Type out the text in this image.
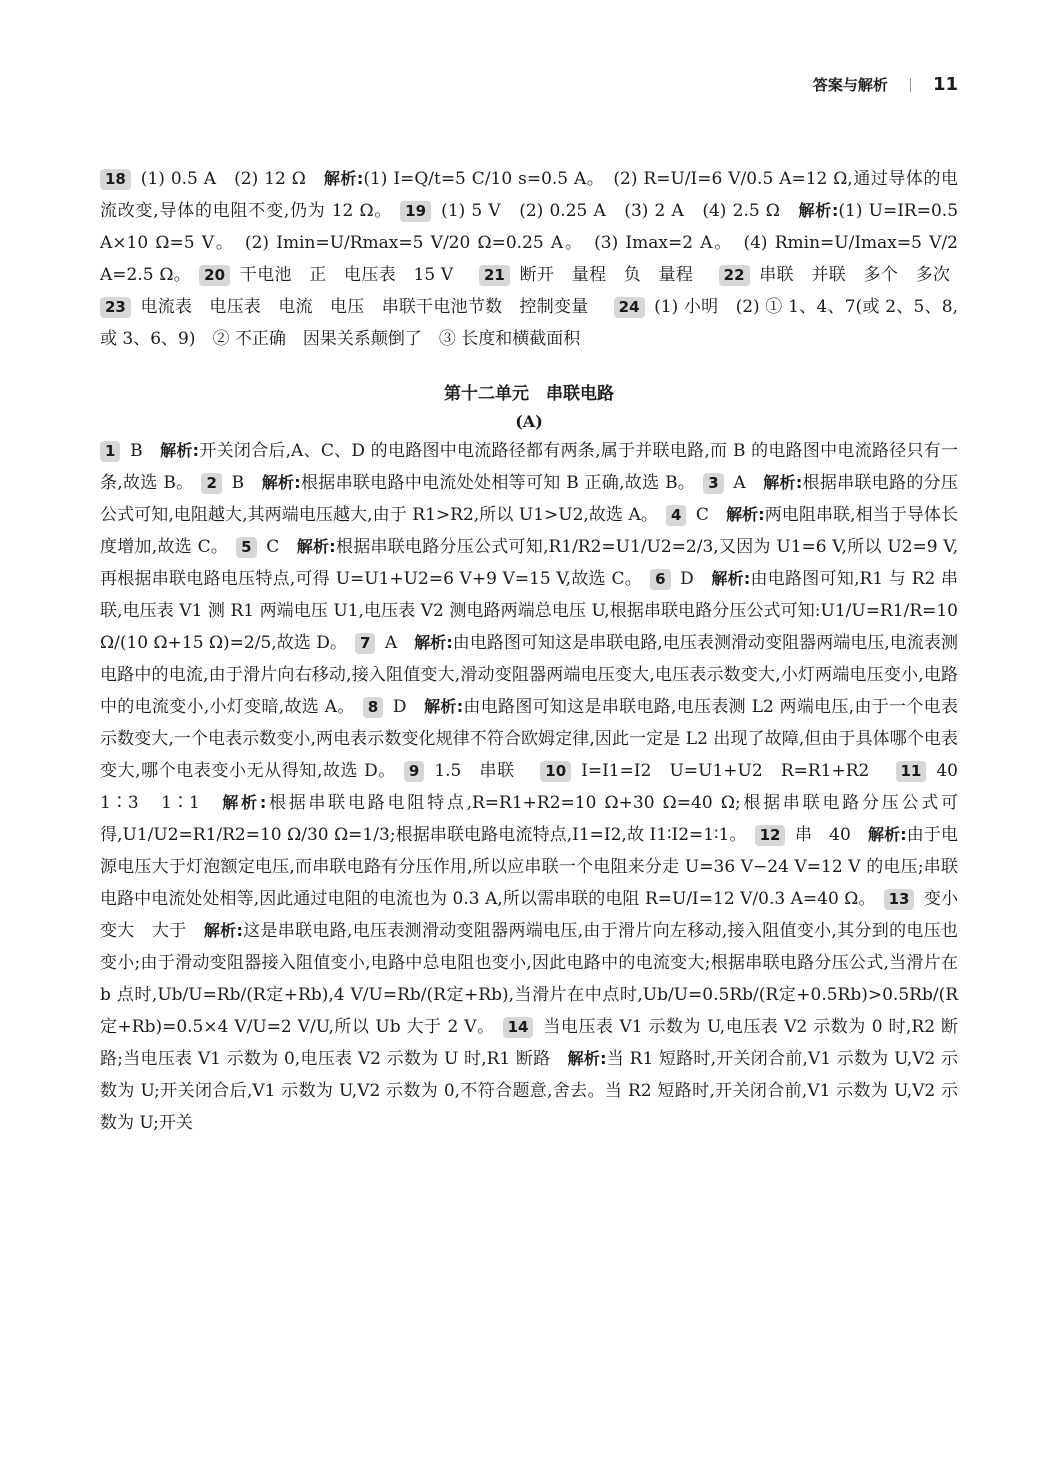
答案与解析	11

18 (1) 0.5 A　(2) 12 Ω　解析:(1) I=Q/t=5 C/10 s=0.5 A。　(2) R=U/I=6 V/0.5 A=12 Ω,通过导体的电流改变,导体的电阻不变,仍为 12 Ω。 19 (1) 5 V　(2) 0.25 A　(3) 2 A　(4) 2.5 Ω　解析:(1) U=IR=0.5 A×10 Ω=5 V。　(2) Imin=U/Rmax=5 V/20 Ω=0.25 A。　(3) Imax=2 A。　(4) Rmin=U/Imax=5 V/2 A=2.5 Ω。 20 干电池　正　电压表　15 V　21 断开　量程　负　量程　22 串联　并联　多个　多次　23 电流表　电压表　电流　电压　串联干电池节数　控制变量　24 (1) 小明　(2) ① 1、4、7(或 2、5、8,或 3、6、9)　② 不正确　因果关系颠倒了　③ 长度和横截面积　

第十二单元　串联电路
(A)

1 B　解析:开关闭合后,A、C、D 的电路图中电流路径都有两条,属于并联电路,而 B 的电路图中电流路径只有一条,故选 B。 2 B　解析:根据串联电路中电流处处相等可知 B 正确,故选 B。 3 A　解析:根据串联电路的分压公式可知,电阻越大,其两端电压越大,由于 R1>R2,所以 U1>U2,故选 A。 4 C　解析:两电阻串联,相当于导体长度增加,故选 C。 5 C　解析:根据串联电路分压公式可知,R1/R2=U1/U2=2/3,又因为 U1=6 V,所以 U2=9 V,再根据串联电路电压特点,可得 U=U1+U2=6 V+9 V=15 V,故选 C。 6 D　解析:由电路图可知,R1 与 R2 串联,电压表 V1 测 R1 两端电压 U1,电压表 V2 测电路两端总电压 U,根据串联电路分压公式可知:U1/U=R1/R=10 Ω/(10 Ω+15 Ω)=2/5,故选 D。 7 A　解析:由电路图可知这是串联电路,电压表测滑动变阻器两端电压,电流表测电路中的电流,由于滑片向右移动,接入阻值变大,滑动变阻器两端电压变大,电压表示数变大,小灯两端电压变小,电路中的电流变小,小灯变暗,故选 A。 8 D　解析:由电路图可知这是串联电路,电压表测 L2 两端电压,由于一个电表示数变大,一个电表示数变小,两电表示数变化规律不符合欧姆定律,因此一定是 L2 出现了故障,但由于具体哪个电表变大,哪个电表变小无从得知,故选 D。 9 1.5　串联　10 I=I1=I2　U=U1+U2　R=R1+R2　11 40　1∶3　1∶1　解析:根据串联电路电阻特点,R=R1+R2=10 Ω+30 Ω=40 Ω;根据串联电路分压公式可得,U1/U2=R1/R2=10 Ω/30 Ω=1/3;根据串联电路电流特点,I1=I2,故 I1∶I2=1∶1。 12 串　40　解析:由于电源电压大于灯泡额定电压,而串联电路有分压作用,所以应串联一个电阻来分走 U=36 V−24 V=12 V 的电压;串联电路中电流处处相等,因此通过电阻的电流也为 0.3 A,所以需串联的电阻 R=U/I=12 V/0.3 A=40 Ω。 13 变小　变大　大于　解析:这是串联电路,电压表测滑动变阻器两端电压,由于滑片向左移动,接入阻值变小,其分到的电压也变小;由于滑动变阻器接入阻值变小,电路中总电阻也变小,因此电路中的电流变大;根据串联电路分压公式,当滑片在 b 点时,Ub/U=Rb/(R定+Rb),4 V/U=Rb/(R定+Rb),当滑片在中点时,Ub/U=0.5Rb/(R定+0.5Rb)>0.5Rb/(R定+Rb)=0.5×4 V/U=2 V/U,所以 Ub 大于 2 V。 14 当电压表 V1 示数为 U,电压表 V2 示数为 0 时,R2 断路;当电压表 V1 示数为 0,电压表 V2 示数为 U 时,R1 断路　解析:当 R1 短路时,开关闭合前,V1 示数为 U,V2 示数为 U;开关闭合后,V1 示数为 U,V2 示数为 0,不符合题意,舍去。当 R2 短路时,开关闭合前,V1 示数为 U,V2 示数为 U;开关
